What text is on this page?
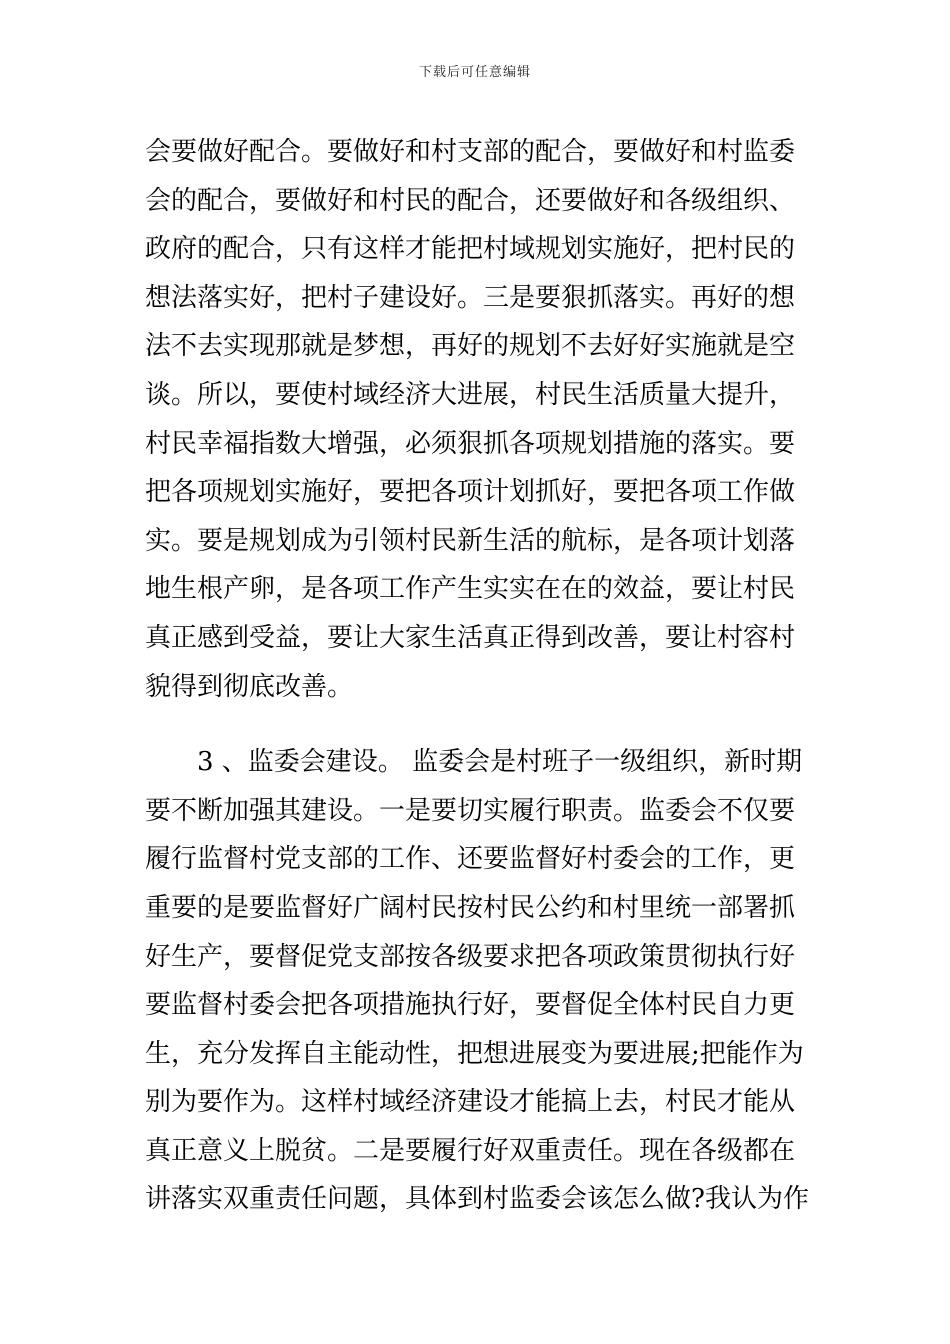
下载后可任意编辑
会要做好配合。要做好和村支部的配合，要做好和村监委
会的配合，要做好和村民的配合，还要做好和各级组织、
政府的配合，只有这样才能把村域规划实施好，把村民的
想法落实好，把村子建设好。三是要狠抓落实。再好的想
法不去实现那就是梦想，再好的规划不去好好实施就是空
谈。所以，要使村域经济大进展，村民生活质量大提升，
村民幸福指数大增强，必须狠抓各项规划措施的落实。要
把各项规划实施好，要把各项计划抓好，要把各项工作做
实。要是规划成为引领村民新生活的航标，是各项计划落
地生根产卵，是各项工作产生实实在在的效益，要让村民
真正感到受益，要让大家生活真正得到改善，要让村容村
貌得到彻底改善。
3 、监委会建设。 监委会是村班子一级组织，新时期
要不断加强其建设。一是要切实履行职责。监委会不仅要
履行监督村党支部的工作、还要监督好村委会的工作，更
重要的是要监督好广阔村民按村民公约和村里统一部署抓
好生产，要督促党支部按各级要求把各项政策贯彻执行好
要监督村委会把各项措施执行好，要督促全体村民自力更
生，充分发挥自主能动性，把想进展变为要进展;把能作为
别为要作为。这样村域经济建设才能搞上去，村民才能从
真正意义上脱贫。二是要履行好双重责任。现在各级都在
讲落实双重责任问题，具体到村监委会该怎么做?我认为作
